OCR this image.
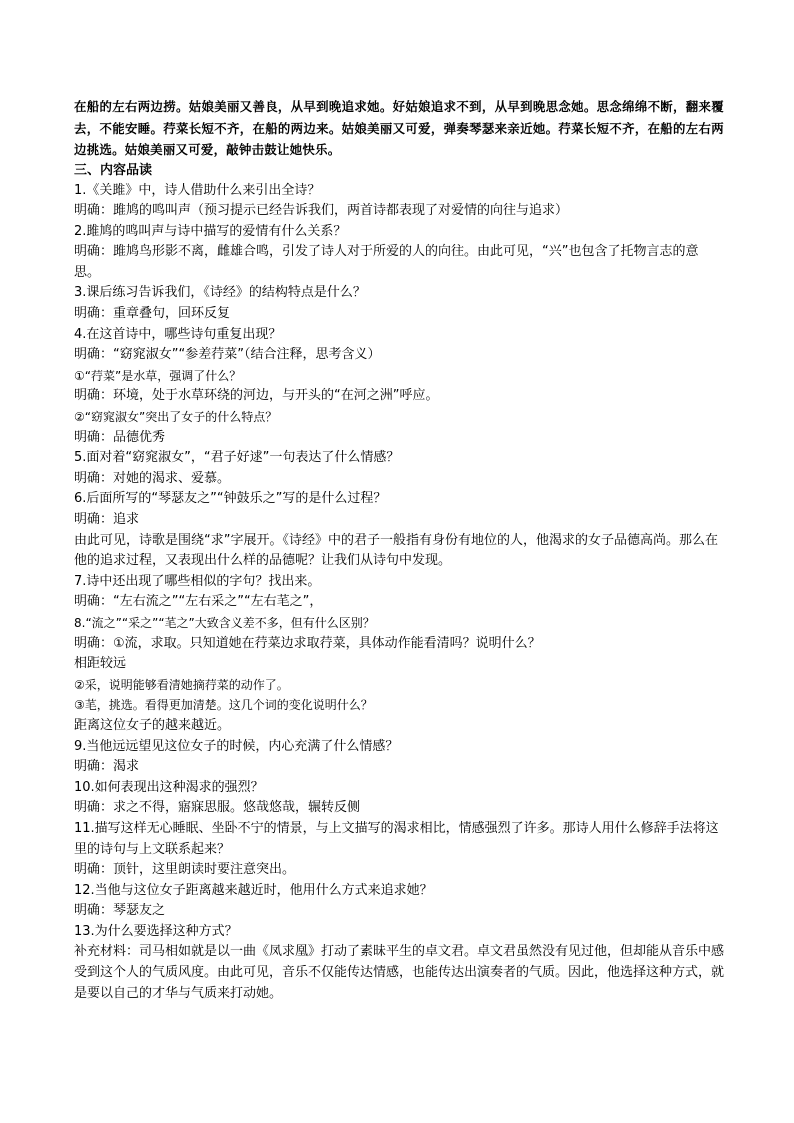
在船的左右两边捞。姑娘美丽又善良，从早到晚追求她。好姑娘追求不到，从早到晚思念她。思念绵绵不断，翻来覆去，不能安睡。荇菜长短不齐，在船的两边来。姑娘美丽又可爱，弹奏琴瑟来亲近她。荇菜长短不齐，在船的左右两边挑选。姑娘美丽又可爱，敲钟击鼓让她快乐。
三、内容品读

1.《关雎》中，诗人借助什么来引出全诗？

明确：雎鸠的鸣叫声（预习提示已经告诉我们，两首诗都表现了对爱情的向往与追求）

2.雎鸠的鸣叫声与诗中描写的爱情有什么关系？

明确：雎鸠鸟形影不离，雌雄合鸣，引发了诗人对于所爱的人的向往。由此可见，“兴”也包含了托物言志的意思。

3.课后练习告诉我们，《诗经》的结构特点是什么？

明确：重章叠句，回环反复

4.在这首诗中，哪些诗句重复出现？

明确：“窈窕淑女”“参差荇菜”（结合注释，思考含义）

①“荇菜”是水草，强调了什么？

明确：环境，处于水草环绕的河边，与开头的“在河之洲”呼应。

②“窈窕淑女”突出了女子的什么特点？

明确：品德优秀

5.面对着“窈窕淑女”，“君子好逑”一句表达了什么情感？

明确：对她的渴求、爱慕。

6.后面所写的“琴瑟友之”“钟鼓乐之”写的是什么过程？

明确：追求

由此可见，诗歌是围绕“求”字展开。《诗经》中的君子一般指有身份有地位的人，他渴求的女子品德高尚。那么在他的追求过程，又表现出什么样的品德呢？让我们从诗句中发现。

7.诗中还出现了哪些相似的字句？找出来。

明确：“左右流之”“左右采之”“左右芼之”，

8.“流之”“采之”“芼之”大致含义差不多，但有什么区别？

明确：①流，求取。只知道她在荇菜边求取荇菜，具体动作能看清吗？说明什么？

相距较远

②采，说明能够看清她摘荇菜的动作了。

③芼，挑选。看得更加清楚。这几个词的变化说明什么？

距离这位女子的越来越近。

9.当他远远望见这位女子的时候，内心充满了什么情感？

明确：渴求

10.如何表现出这种渴求的强烈？

明确：求之不得，寤寐思服。悠哉悠哉，辗转反侧

11.描写这样无心睡眠、坐卧不宁的情景，与上文描写的渴求相比，情感强烈了许多。那诗人用什么修辞手法将这里的诗句与上文联系起来？

明确：顶针，这里朗读时要注意突出。

12.当他与这位女子距离越来越近时，他用什么方式来追求她？

明确：琴瑟友之

13.为什么要选择这种方式？

补充材料：司马相如就是以一曲《凤求凰》打动了素昧平生的卓文君。卓文君虽然没有见过他，但却能从音乐中感受到这个人的气质风度。由此可见，音乐不仅能传达情感，也能传达出演奏者的气质。因此，他选择这种方式，就是要以自己的才华与气质来打动她。
